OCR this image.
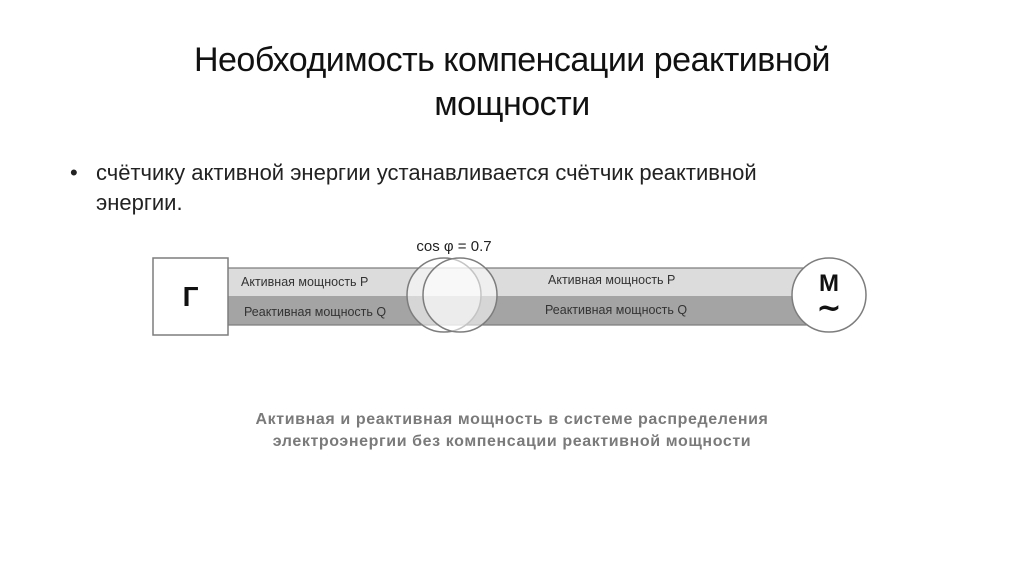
Необходимость компенсации реактивной
мощности
• счётчику активной энергии устанавливается счётчик реактивной
энергии.
Г
cos φ = 0.7
М
~
Активная мощность Р
Реактивная мощность Q
Активная мощность Р
Реактивная мощность Q
Активная и реактивная мощность в системе распределения
электроэнергии без компенсации реактивной мощности
